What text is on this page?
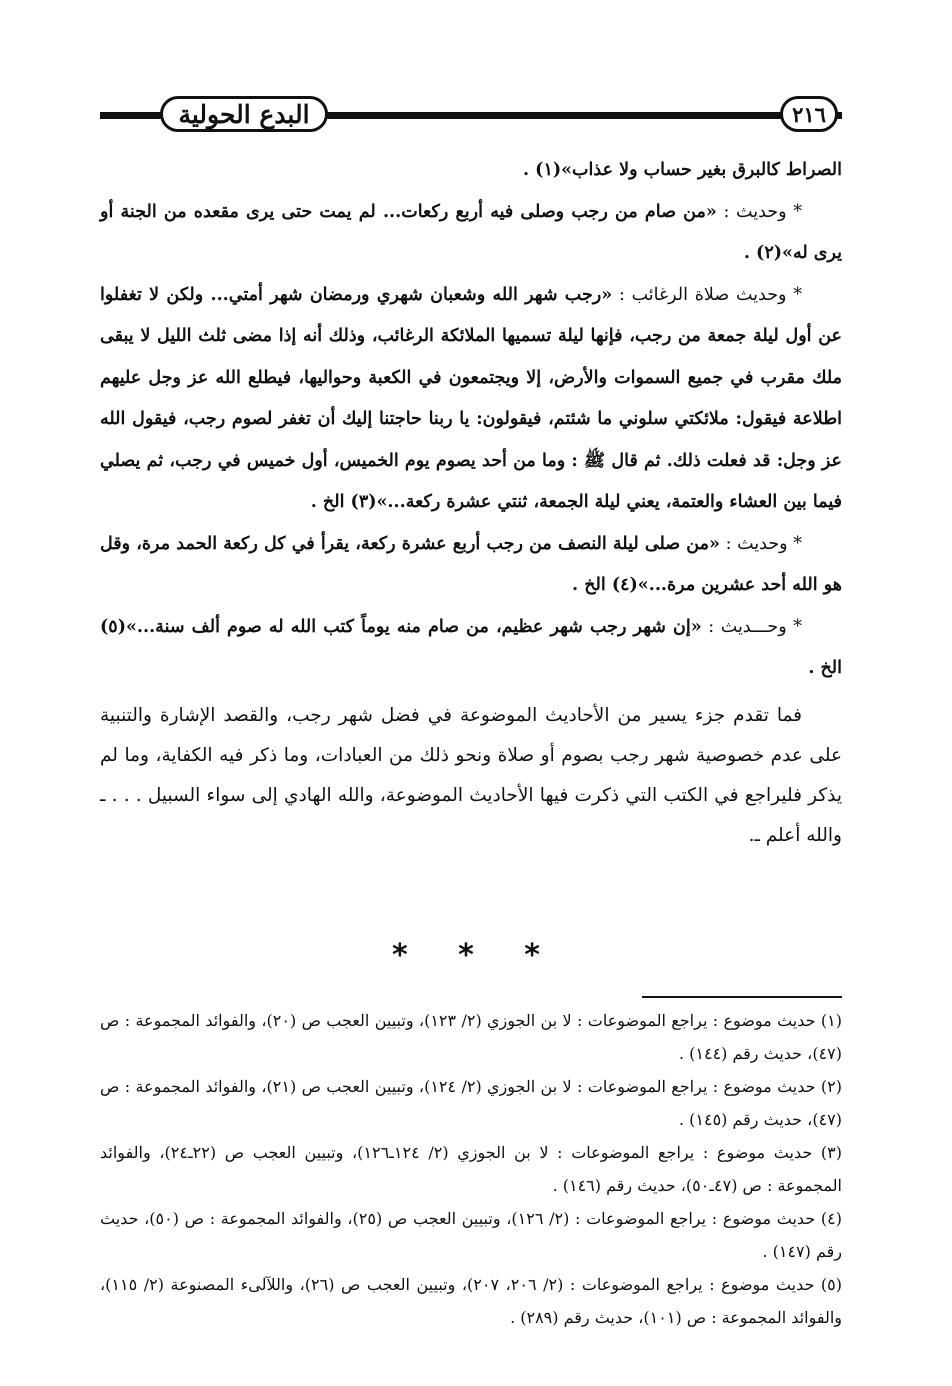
البدع الحولية	٢١٦

الصراط كالبرق بغير حساب ولا عذاب»(١) .

* وحديث : «من صام من رجب وصلى فيه أربع ركعات... لم يمت حتى يرى مقعده من الجنة أو يرى له»(٢) .

* وحديث صلاة الرغائب : «رجب شهر الله وشعبان شهري ورمضان شهر أمتي... ولكن لا تغفلوا عن أول ليلة جمعة من رجب، فإنها ليلة تسميها الملائكة الرغائب، وذلك أنه إذا مضى ثلث الليل لا يبقى ملك مقرب في جميع السموات والأرض، إلا ويجتمعون في الكعبة وحواليها، فيطلع الله عز وجل عليهم اطلاعة فيقول: ملائكتي سلوني ما شئتم، فيقولون: يا ربنا حاجتنا إليك أن تغفر لصوم رجب، فيقول الله عز وجل: قد فعلت ذلك. ثم قال ﷺ : وما من أحد يصوم يوم الخميس، أول خميس في رجب، ثم يصلي فيما بين العشاء والعتمة، يعني ليلة الجمعة، ثنتي عشرة ركعة...»(٣) الخ .

* وحديث : «من صلى ليلة النصف من رجب أربع عشرة ركعة، يقرأ في كل ركعة الحمد مرة، وقل هو الله أحد عشرين مرة...»(٤) الخ .

* وحـــديث : «إن شهر رجب شهر عظيم، من صام منه يوماً كتب الله له صوم ألف سنة...»(٥) الخ .

فما تقدم جزء يسير من الأحاديث الموضوعة في فضل شهر رجب، والقصد الإشارة والتنبية على عدم خصوصية شهر رجب بصوم أو صلاة ونحو ذلك من العبادات، وما ذكر فيه الكفاية، وما لم يذكر فليراجع في الكتب التي ذكرت فيها الأحاديث الموضوعة، والله الهادي إلى سواء السبيل . . . ـ والله أعلم ـ.

* * *

(١) حديث موضوع : يراجع الموضوعات : لا بن الجوزي (٢/ ١٢٣)، وتبيين العجب ص (٢٠)، والفوائد المجموعة : ص (٤٧)، حديث رقم (١٤٤) .

(٢) حديث موضوع : يراجع الموضوعات : لا بن الجوزي (٢/ ١٢٤)، وتبيين العجب ص (٢١)، والفوائد المجموعة : ص (٤٧)، حديث رقم (١٤٥) .

(٣) حديث موضوع : يراجع الموضوعات : لا بن الجوزي (٢/ ١٢٤ـ١٢٦)، وتبيين العجب ص (٢٢ـ٢٤)، والفوائد المجموعة : ص (٤٧ـ٥٠)، حديث رقم (١٤٦) .

(٤) حديث موضوع : يراجع الموضوعات : (٢/ ١٢٦)، وتبيين العجب ص (٢٥)، والفوائد المجموعة : ص (٥٠)، حديث رقم (١٤٧) .

(٥) حديث موضوع : يراجع الموضوعات : (٢/ ٢٠٦، ٢٠٧)، وتبيين العجب ص (٢٦)، واللآلىء المصنوعة (٢/ ١١٥)، والفوائد المجموعة : ص (١٠١)، حديث رقم (٢٨٩) .
